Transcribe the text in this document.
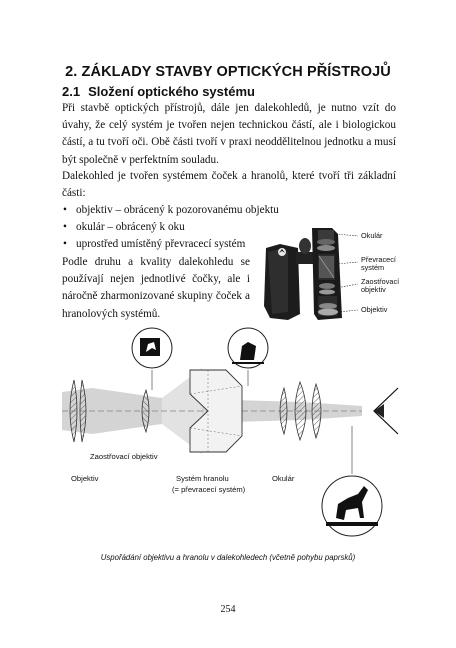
2. ZÁKLADY STAVBY OPTICKÝCH PŘÍSTROJŮ
2.1 Složení optického systému
Při stavbě optických přístrojů, dále jen dalekohledů, je nutno vzít do úvahy, že celý systém je tvořen nejen technickou částí, ale i biologickou částí, a tu tvoří oči. Obě části tvoří v praxi neoddělitelnou jednotku a musí být společně v perfektním souladu.
Dalekohled je tvořen systémem čoček a hranolů, které tvoří tři základní části:
• objektiv – obrácený k pozorovanému objektu
• okulár – obrácený k oku
• uprostřed umístěný převracecí systém
Podle druhu a kvality dalekohledu se používají nejen jednotlivé čočky, ale i náročně zharmonizované skupiny čoček a hranolových systémů.
Okulár
Převracecí systém
Zaostřovací objektiv
Objektiv
Zaostřovací objektiv
Objektiv	Systém hranolu
(= převracecí systém)
Okulár
Uspořádání objektivu a hranolu v dalekohledech (včetně pohybu paprsků)
254
